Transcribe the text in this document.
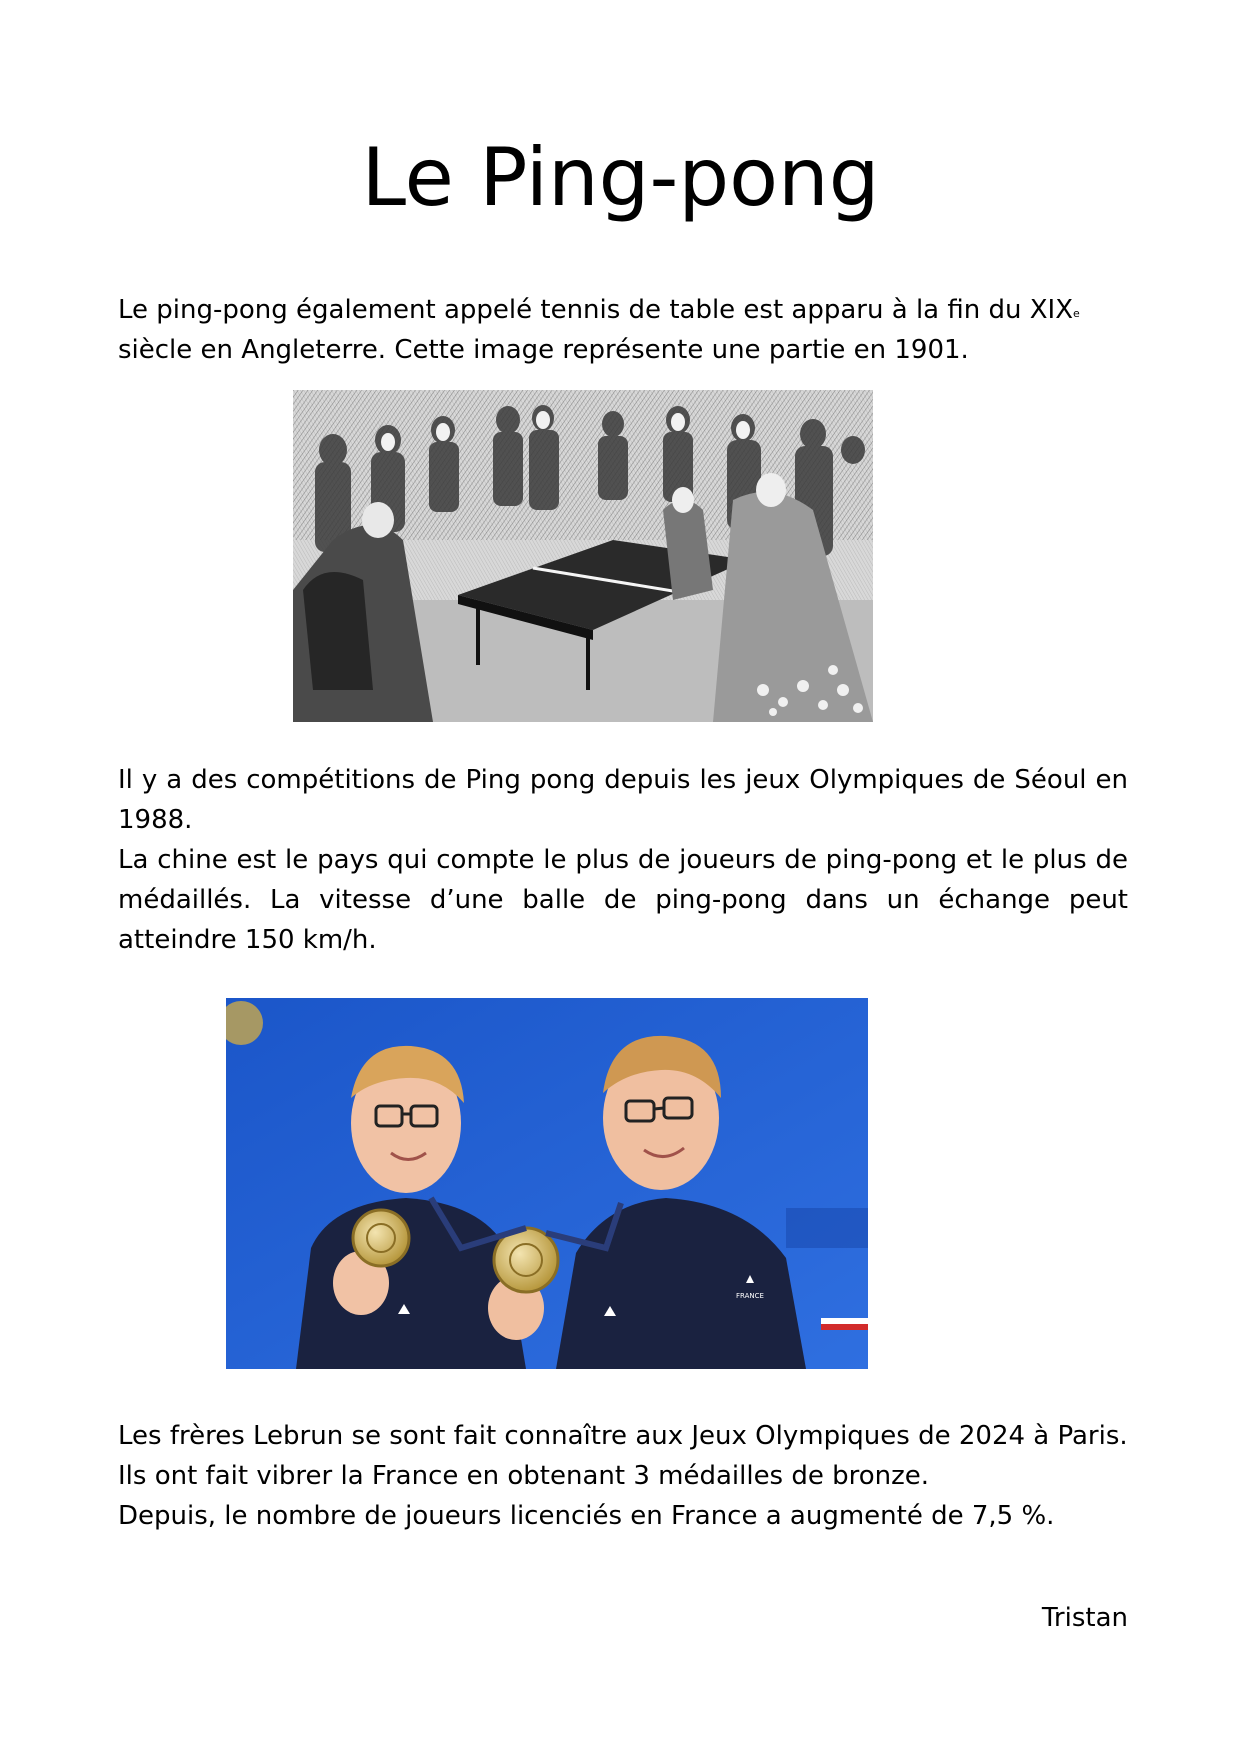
Le Ping-pong

Le ping-pong également appelé tennis de table est apparu à la fin du XIXe
siècle en Angleterre. Cette image représente une partie en 1901.

Il y a des compétitions de Ping pong depuis les jeux Olympiques de Séoul en 1988.
La chine est le pays qui compte le plus de joueurs de ping-pong et le plus de médaillés. La vitesse d’une balle de ping-pong dans un échange peut atteindre 150 km/h.

FRANCE

Les frères Lebrun se sont fait connaître aux Jeux Olympiques de 2024 à Paris. Ils ont fait vibrer la France en obtenant 3 médailles de bronze.
Depuis, le nombre de joueurs licenciés en France a augmenté de 7,5 %.

Tristan
